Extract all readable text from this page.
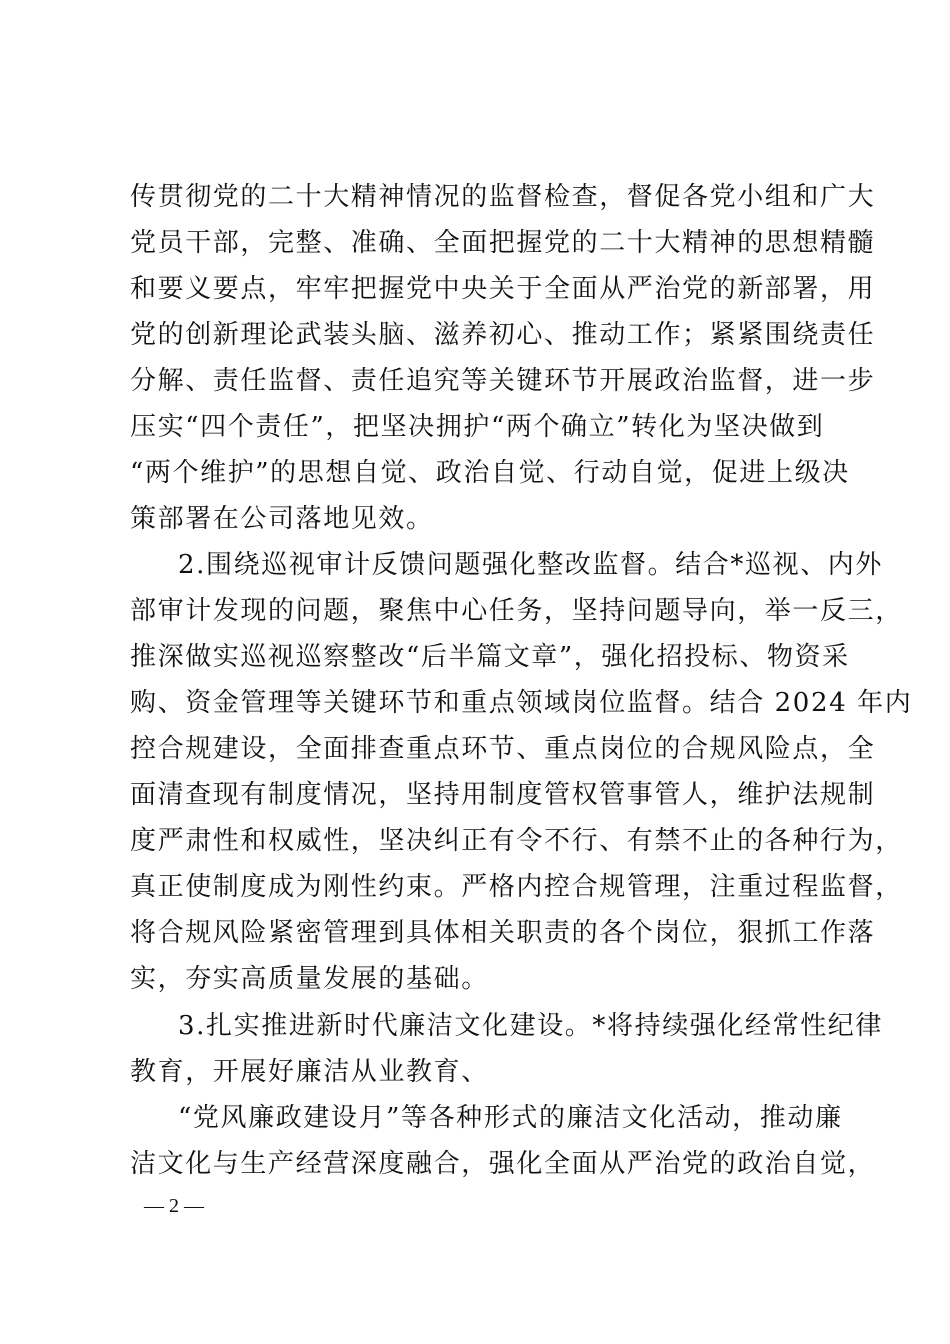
传贯彻党的二十大精神情况的监督检查，督促各党小组和广大
党员干部，完整、准确、全面把握党的二十大精神的思想精髓
和要义要点，牢牢把握党中央关于全面从严治党的新部署，用
党的创新理论武装头脑、滋养初心、推动工作；紧紧围绕责任
分解、责任监督、责任追究等关键环节开展政治监督，进一步
压实“四个责任”，把坚决拥护“两个确立”转化为坚决做到
“两个维护”的思想自觉、政治自觉、行动自觉，促进上级决
策部署在公司落地见效。
2.围绕巡视审计反馈问题强化整改监督。结合*巡视、内外
部审计发现的问题，聚焦中心任务，坚持问题导向，举一反三，
推深做实巡视巡察整改“后半篇文章”，强化招投标、物资采
购、资金管理等关键环节和重点领域岗位监督。结合 2024 年内
控合规建设，全面排查重点环节、重点岗位的合规风险点，全
面清查现有制度情况，坚持用制度管权管事管人，维护法规制
度严肃性和权威性，坚决纠正有令不行、有禁不止的各种行为，
真正使制度成为刚性约束。严格内控合规管理，注重过程监督，
将合规风险紧密管理到具体相关职责的各个岗位，狠抓工作落
实，夯实高质量发展的基础。
3.扎实推进新时代廉洁文化建设。*将持续强化经常性纪律
教育，开展好廉洁从业教育、
“党风廉政建设月”等各种形式的廉洁文化活动，推动廉
洁文化与生产经营深度融合，强化全面从严治党的政治自觉，
— 2 —
